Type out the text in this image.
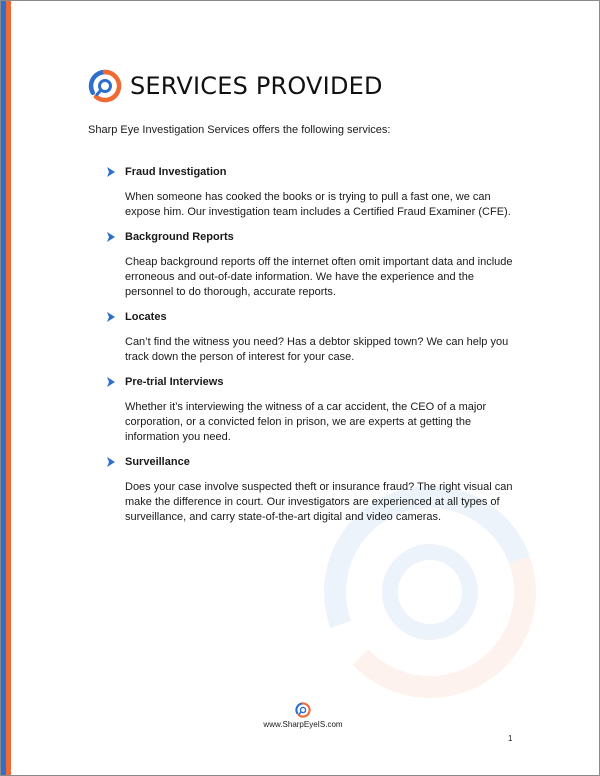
SERVICES PROVIDED

Sharp Eye Investigation Services offers the following services:

Fraud Investigation

When someone has cooked the books or is trying to pull a fast one, we can expose him. Our investigation team includes a Certified Fraud Examiner (CFE).

Background Reports

Cheap background reports off the internet often omit important data and include erroneous and out-of-date information. We have the experience and the personnel to do thorough, accurate reports.

Locates

Can’t find the witness you need? Has a debtor skipped town? We can help you track down the person of interest for your case.

Pre-trial Interviews

Whether it’s interviewing the witness of a car accident, the CEO of a major corporation, or a convicted felon in prison, we are experts at getting the information you need.

Surveillance

Does your case involve suspected theft or insurance fraud? The right visual can make the difference in court. Our investigators are experienced at all types of surveillance, and carry state-of-the-art digital and video cameras.

www.SharpEyeIS.com
1
